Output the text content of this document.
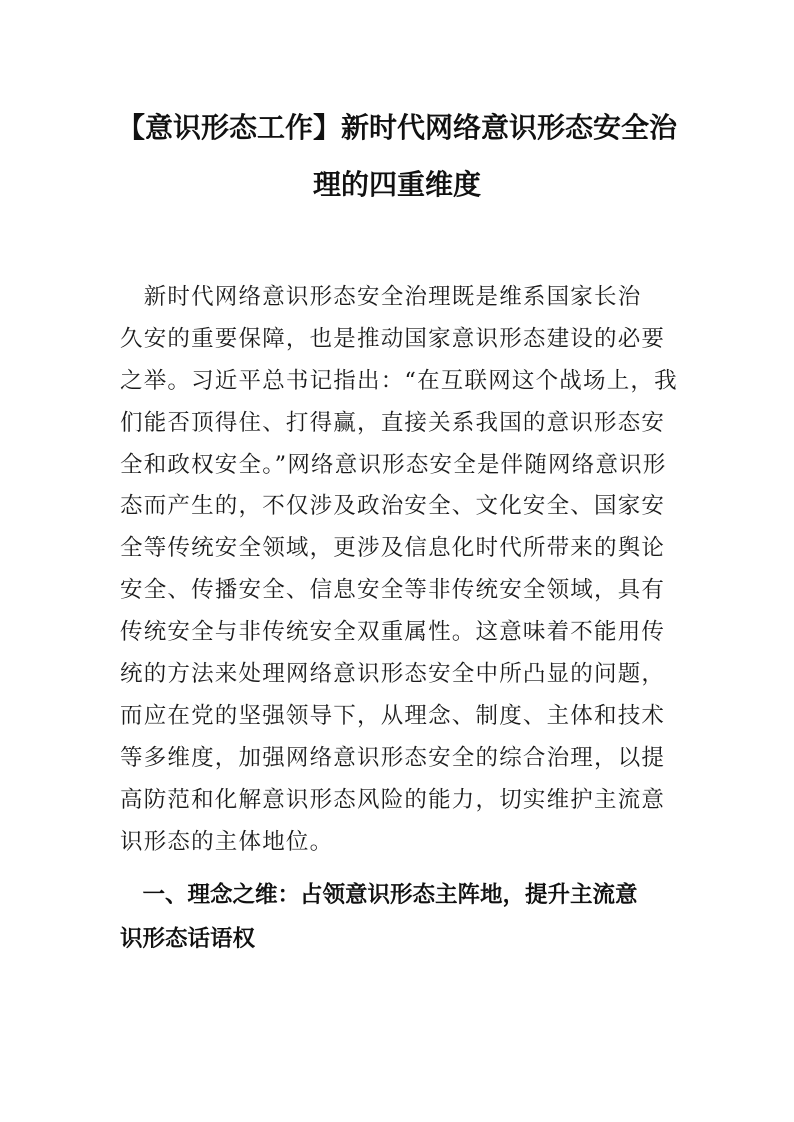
【意识形态工作】新时代网络意识形态安全治
理的四重维度
　新时代网络意识形态安全治理既是维系国家长治
久安的重要保障，也是推动国家意识形态建设的必要
之举。习近平总书记指出：“在互联网这个战场上，我
们能否顶得住、打得赢，直接关系我国的意识形态安
全和政权安全。”网络意识形态安全是伴随网络意识形
态而产生的，不仅涉及政治安全、文化安全、国家安
全等传统安全领域，更涉及信息化时代所带来的舆论
安全、传播安全、信息安全等非传统安全领域，具有
传统安全与非传统安全双重属性。这意味着不能用传
统的方法来处理网络意识形态安全中所凸显的问题，
而应在党的坚强领导下，从理念、制度、主体和技术
等多维度，加强网络意识形态安全的综合治理，以提
高防范和化解意识形态风险的能力，切实维护主流意
识形态的主体地位。
　一、理念之维：占领意识形态主阵地，提升主流意
识形态话语权
